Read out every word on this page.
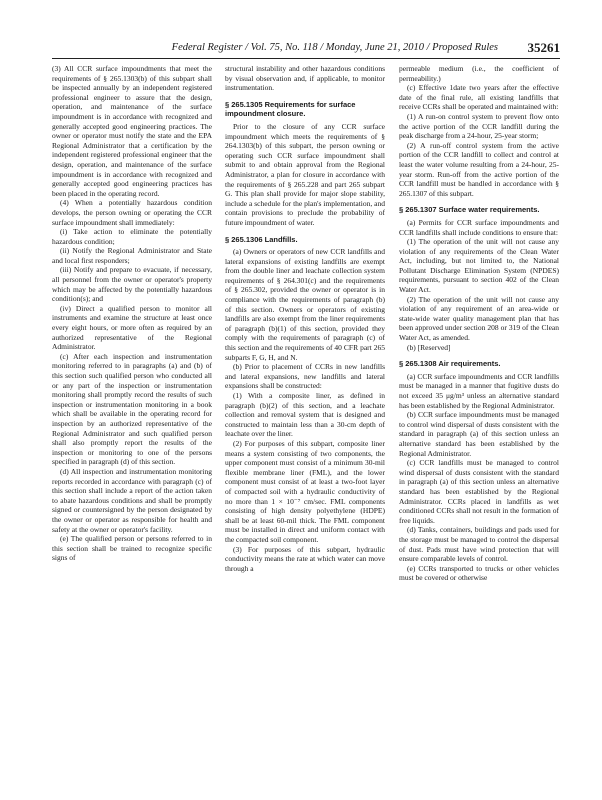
Federal Register / Vol. 75, No. 118 / Monday, June 21, 2010 / Proposed Rules 35261

(3) All CCR surface impoundments that meet the requirements of § 265.1303(b) of this subpart shall be inspected annually by an independent registered professional engineer to assure that the design, operation, and maintenance of the surface impoundment is in accordance with recognized and generally accepted good engineering practices. The owner or operator must notify the state and the EPA Regional Administrator that a certification by the independent registered professional engineer that the design, operation, and maintenance of the surface impoundment is in accordance with recognized and generally accepted good engineering practices has been placed in the operating record.

(4) When a potentially hazardous condition develops, the person owning or operating the CCR surface impoundment shall immediately:

(i) Take action to eliminate the potentially hazardous condition;

(ii) Notify the Regional Administrator and State and local first responders;

(iii) Notify and prepare to evacuate, if necessary, all personnel from the owner or operator's property which may be affected by the potentially hazardous condition(s); and

(iv) Direct a qualified person to monitor all instruments and examine the structure at least once every eight hours, or more often as required by an authorized representative of the Regional Administrator.

(c) After each inspection and instrumentation monitoring referred to in paragraphs (a) and (b) of this section such qualified person who conducted all or any part of the inspection or instrumentation monitoring shall promptly record the results of such inspection or instrumentation monitoring in a book which shall be available in the operating record for inspection by an authorized representative of the Regional Administrator and such qualified person shall also promptly report the results of the inspection or monitoring to one of the persons specified in paragraph (d) of this section.

(d) All inspection and instrumentation monitoring reports recorded in accordance with paragraph (c) of this section shall include a report of the action taken to abate hazardous conditions and shall be promptly signed or countersigned by the person designated by the owner or operator as responsible for health and safety at the owner or operator's facility.

(e) The qualified person or persons referred to in this section shall be trained to recognize specific signs of

structural instability and other hazardous conditions by visual observation and, if applicable, to monitor instrumentation.

§ 265.1305 Requirements for surface impoundment closure.

Prior to the closure of any CCR surface impoundment which meets the requirements of § 264.1303(b) of this subpart, the person owning or operating such CCR surface impoundment shall submit to and obtain approval from the Regional Administrator, a plan for closure in accordance with the requirements of § 265.228 and part 265 subpart G. This plan shall provide for major slope stability, include a schedule for the plan's implementation, and contain provisions to preclude the probability of future impoundment of water.

§ 265.1306 Landfills.

(a) Owners or operators of new CCR landfills and lateral expansions of existing landfills are exempt from the double liner and leachate collection system requirements of § 264.301(c) and the requirements of § 265.302, provided the owner or operator is in compliance with the requirements of paragraph (b) of this section. Owners or operators of existing landfills are also exempt from the liner requirements of paragraph (b)(1) of this section, provided they comply with the requirements of paragraph (c) of this section and the requirements of 40 CFR part 265 subparts F, G, H, and N.

(b) Prior to placement of CCRs in new landfills and lateral expansions, new landfills and lateral expansions shall be constructed:

(1) With a composite liner, as defined in paragraph (b)(2) of this section, and a leachate collection and removal system that is designed and constructed to maintain less than a 30-cm depth of leachate over the liner.

(2) For purposes of this subpart, composite liner means a system consisting of two components, the upper component must consist of a minimum 30-mil flexible membrane liner (FML), and the lower component must consist of at least a two-foot layer of compacted soil with a hydraulic conductivity of no more than 1 × 10⁻⁷ cm/sec. FML components consisting of high density polyethylene (HDPE) shall be at least 60-mil thick. The FML component must be installed in direct and uniform contact with the compacted soil component.

(3) For purposes of this subpart, hydraulic conductivity means the rate at which water can move through a

permeable medium (i.e., the coefficient of permeability.)

(c) Effective 1date two years after the effective date of the final rule, all existing landfills that receive CCRs shall be operated and maintained with:

(1) A run-on control system to prevent flow onto the active portion of the CCR landfill during the peak discharge from a 24-hour, 25-year storm;

(2) A run-off control system from the active portion of the CCR landfill to collect and control at least the water volume resulting from a 24-hour, 25-year storm. Run-off from the active portion of the CCR landfill must be handled in accordance with § 265.1307 of this subpart.

§ 265.1307 Surface water requirements.

(a) Permits for CCR surface impoundments and CCR landfills shall include conditions to ensure that:

(1) The operation of the unit will not cause any violation of any requirements of the Clean Water Act, including, but not limited to, the National Pollutant Discharge Elimination System (NPDES) requirements, pursuant to section 402 of the Clean Water Act.

(2) The operation of the unit will not cause any violation of any requirement of an area-wide or state-wide water quality management plan that has been approved under section 208 or 319 of the Clean Water Act, as amended.

(b) [Reserved]

§ 265.1308 Air requirements.

(a) CCR surface impoundments and CCR landfills must be managed in a manner that fugitive dusts do not exceed 35 μg/m³ unless an alternative standard has been established by the Regional Administrator.

(b) CCR surface impoundments must be managed to control wind dispersal of dusts consistent with the standard in paragraph (a) of this section unless an alternative standard has been established by the Regional Administrator.

(c) CCR landfills must be managed to control wind dispersal of dusts consistent with the standard in paragraph (a) of this section unless an alternative standard has been established by the Regional Administrator. CCRs placed in landfills as wet conditioned CCRs shall not result in the formation of free liquids.

(d) Tanks, containers, buildings and pads used for the storage must be managed to control the dispersal of dust. Pads must have wind protection that will ensure comparable levels of control.

(e) CCRs transported to trucks or other vehicles must be covered or otherwise
